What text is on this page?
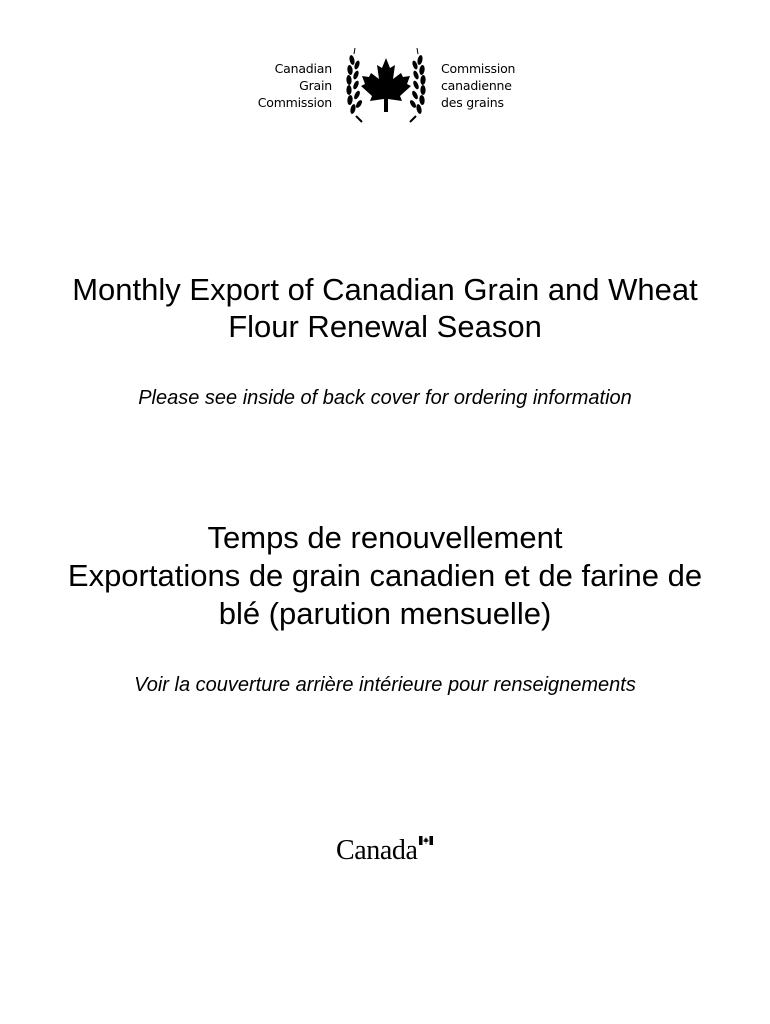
Canadian
Grain
Commission
Commission
canadienne
des grains
Monthly Export of Canadian Grain and Wheat
Flour Renewal Season

Please see inside of back cover for ordering information

Temps de renouvellement
Exportations de grain canadien et de farine de
blé (parution mensuelle)

Voir la couverture arrière intérieure pour renseignements

Canada
